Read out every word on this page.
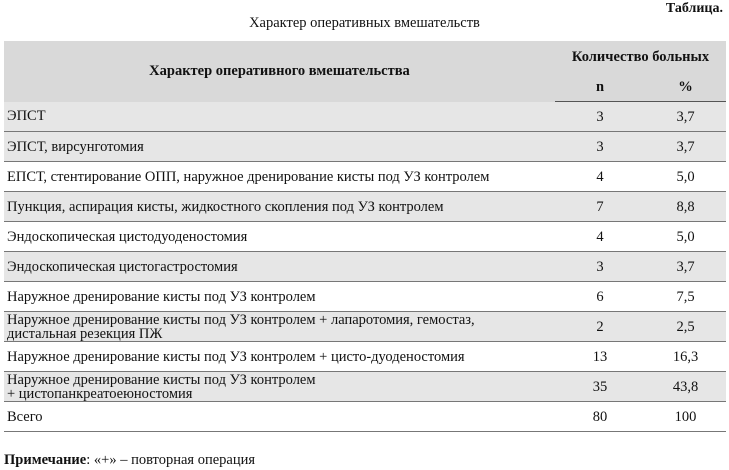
Таблица.
Характер оперативных вмешательств
Характер оперативного вмешательства	Количество больных	
	n	%
ЭПСТ	3	3,7
ЭПСТ, вирсунготомия	3	3,7
ЕПСТ, стентирование ОПП, наружное дренирование кисты под УЗ контролем	4	5,0
Пункция, аспирация кисты, жидкостного скопления под УЗ контролем	7	8,8
Эндоскопическая цистодуоденостомия	4	5,0
Эндоскопическая цистогастростомия	3	3,7
Наружное дренирование кисты под УЗ контролем	6	7,5

Наружное дренирование кисты под УЗ контролем + лапаротомия, гемостаз,
дистальная резекция ПЖ	2	2,5
Наружное дренирование кисты под УЗ контролем + цисто-дуоденостомия	13	16,3

Наружное дренирование кисты под УЗ контролем
+ цистопанкреатоеюностомия	35	43,8
Всего	80	100
Примечание: «+» – повторная операция
